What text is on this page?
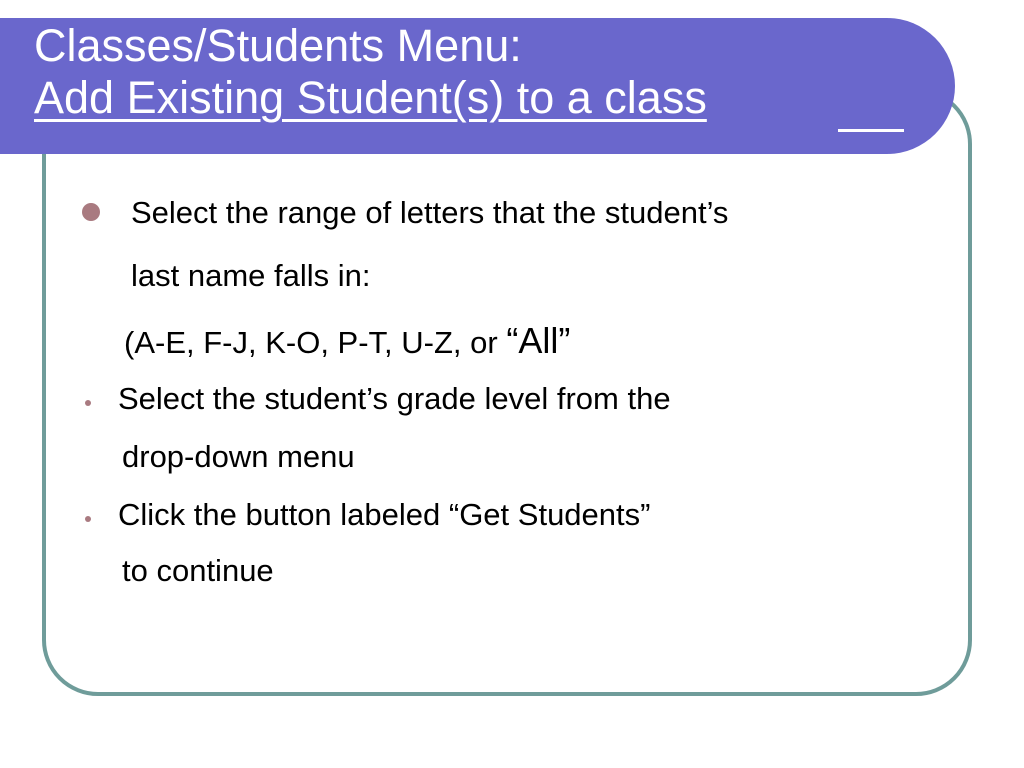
Classes/Students Menu:
Add Existing Student(s) to a class
Select the range of letters that the student’s
last name falls in:
(A-E, F-J, K-O, P-T, U-Z, or “All”
Select the student’s grade level from the
drop-down menu
Click the button labeled “Get Students”
to continue
